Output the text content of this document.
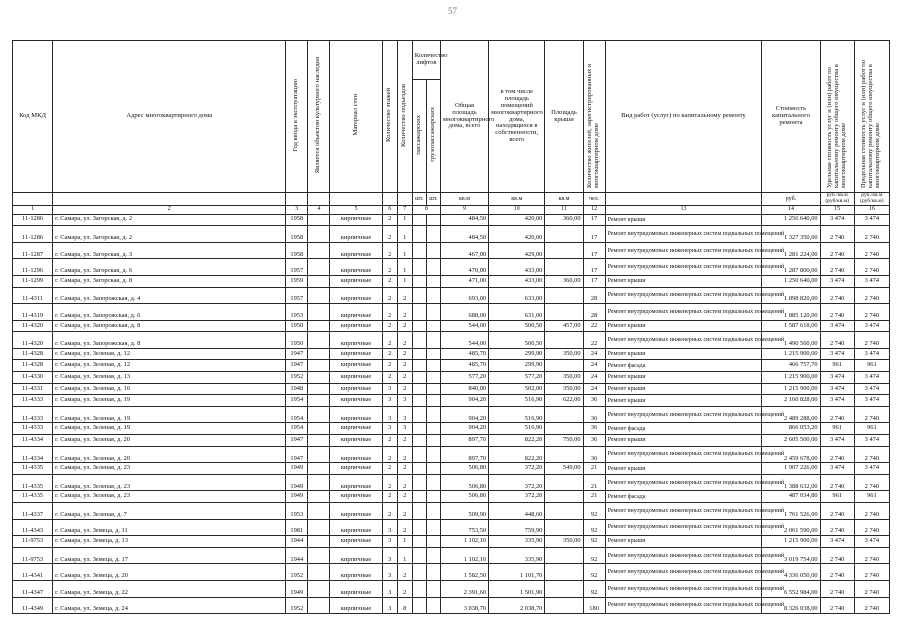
57
Код МКД	Адрес многоквартирного дома	Год ввода в эксплуатацию	Является объектом культурного наследия	Материал стен	Количество этажей	Количество подъездов	Количество лифтов		Общая площадь многоквартирного дома, всего	в том числе площадь помещений многоквартирного дома, находящихся в собственности, всего	Площадь крыши	Количество жителей, зарегистрированных в многоквартирном доме	Вид работ (услуг) по капитальному ремонту	Стоимость капитального ремонта	Удельная стоимость услуг и (или) работ по капитальному ремонту общего имущества в многоквартирном доме	Предельная стоимость услуг и (или) работ по капитальному ремонту общего имущества в многоквартирном доме
							пассажирских	грузопассажирских								
							шт.	шт.	кв.м	кв.м	кв.м	чел.		руб.	руб./кв.м (руб/кв.м)	руб./кв.м (руб/кв.м)
1	2	3	4	5	6	7	8		9	10	11	12	13	14	15	16
11-1286	г. Самара, ул. Загорская, д. 2	1958		кирпичные	2	1			484,50	420,00	360,00	17	Ремонт крыши	1 256 640,00	3 474	3 474
11-1286	г. Самара, ул. Загорская, д. 2	1958		кирпичные	2	1			484,50	420,00		17	Ремонт внутридомовых инженерных систем подвальных помещений	1 327 350,00	2 740	2 740
11-1287	г. Самара, ул. Загорская, д. 3	1958		кирпичные	2	1			467,00	429,00		17	Ремонт внутридомовых инженерных систем подвальных помещений	1 281 224,00	2 740	2 740
11-1296	г. Самара, ул. Загорская, д. 6	1957		кирпичные	2	1			470,00	433,00		17	Ремонт внутридомовых инженерных систем подвальных помещений	1 287 800,00	2 740	2 740
11-1299	г. Самара, ул. Загорская, д. 8	1959		кирпичные	2	1			471,00	433,00	360,00	17	Ремонт крыши	1 250 640,00	3 474	3 474
11-4311	г. Самара, ул. Запорожская, д. 4	1957		кирпичные	2	2			693,00	633,00		28	Ремонт внутридомовых инженерных систем подвальных помещений	1 898 820,00	2 740	2 740
11-4319	г. Самара, ул. Запорожская, д. 6	1953		кирпичные	2	2			688,00	631,00		28	Ремонт внутридомовых инженерных систем подвальных помещений	1 885 120,00	2 740	2 740
11-4320	г. Самара, ул. Запорожская, д. 8	1950		кирпичные	2	2			544,00	500,50	457,00	22	Ремонт крыши	1 587 618,00	3 474	3 474
11-4320	г. Самара, ул. Запорожская, д. 8	1950		кирпичные	2	2			544,00	500,50		22	Ремонт внутридомовых инженерных систем подвальных помещений	1 490 560,00	2 740	2 740
11-4328	г. Самара, ул. Зеленая, д. 12	1947		кирпичные	2	2			485,70	299,90	350,00	24	Ремонт крыши	1 215 900,00	3 474	3 474
11-4328	г. Самара, ул. Зеленая, д. 12	1947		кирпичные	2	2			485,70	299,90		24	Ремонт фасада	466 757,70	961	961
11-4330	г. Самара, ул. Зеленая, д. 13	1952		кирпичные	2	2			577,20	577,20	350,00	24	Ремонт крыши	1 215 900,00	3 474	3 474
11-4331	г. Самара, ул. Зеленая, д. 16	1948		кирпичные	3	2			840,00	502,00	350,00	24	Ремонт крыши	1 215 900,00	3 474	3 474
11-4333	г. Самара, ул. Зеленая, д. 19	1954		кирпичные	3	3			904,20	516,90	622,00	36	Ремонт крыши	2 160 828,00	3 474	3 474
11-4333	г. Самара, ул. Зеленая, д. 19	1954		кирпичные	3	3			904,20	516,90		36	Ремонт внутридомовых инженерных систем подвальных помещений	2 489 288,00	2 740	2 740
11-4333	г. Самара, ул. Зеленая, д. 19	1954		кирпичные	3	3			904,20	516,90		36	Ремонт фасада	866 053,20	961	961
11-4334	г. Самара, ул. Зеленая, д. 20	1947		кирпичные	2	2			897,70	822,20	750,00	36	Ремонт крыши	2 605 500,00	3 474	3 474
11-4334	г. Самара, ул. Зеленая, д. 20	1947		кирпичные	2	2			897,70	822,20		36	Ремонт внутридомовых инженерных систем подвальных помещений	2 459 678,00	2 740	2 740
11-4335	г. Самара, ул. Зеленая, д. 23	1949		кирпичные	2	2			506,80	372,20	549,00	21	Ремонт крыши	1 907 226,00	3 474	3 474
11-4335	г. Самара, ул. Зеленая, д. 23	1949		кирпичные	2	2			506,80	372,20		21	Ремонт внутридомовых инженерных систем подвальных помещений	1 388 632,00	2 740	2 740
11-4335	г. Самара, ул. Зеленая, д. 23	1949		кирпичные	2	2			506,80	372,20		21	Ремонт фасада	487 034,80	961	961
11-4337	г. Самара, ул. Зеленая, д. 7	1953		кирпичные	2	2			509,90	448,60		92	Ремонт внутридомовых инженерных систем подвальных помещений	1 761 526,00	2 740	2 740
11-4343	г. Самара, ул. Земеца, д. 11	1981		кирпичные	3	2			753,50	759,90		92	Ремонт внутридомовых инженерных систем подвальных помещений	2 061 590,00	2 740	2 740
11-9753	г. Самара, ул. Земеца, д. 13	1944		кирпичные	3	1			1 102,10	335,90	350,00	92	Ремонт крыши	1 215 900,00	3 474	3 474
11-9753	г. Самара, ул. Земеца, д. 17	1944		кирпичные	3	1			1 102,10	335,90		92	Ремонт внутридомовых инженерных систем подвальных помещений	3 019 754,00	2 740	2 740
11-4341	г. Самара, ул. Земеца, д. 20	1952		кирпичные	3	2			1 582,50	1 101,70		92	Ремонт внутридомовых инженерных систем подвальных помещений	4 336 050,00	2 740	2 740
11-4347	г. Самара, ул. Земеца, д. 22	1949		кирпичные	3	2			2 391,60	1 501,90		92	Ремонт внутридомовых инженерных систем подвальных помещений	6 552 984,00	2 740	2 740
11-4349	г. Самара, ул. Земеца, д. 24	1952		кирпичные	3	8			3 038,70	2 038,70		180	Ремонт внутридомовых инженерных систем подвальных помещений	8 326 038,00	2 740	2 740
